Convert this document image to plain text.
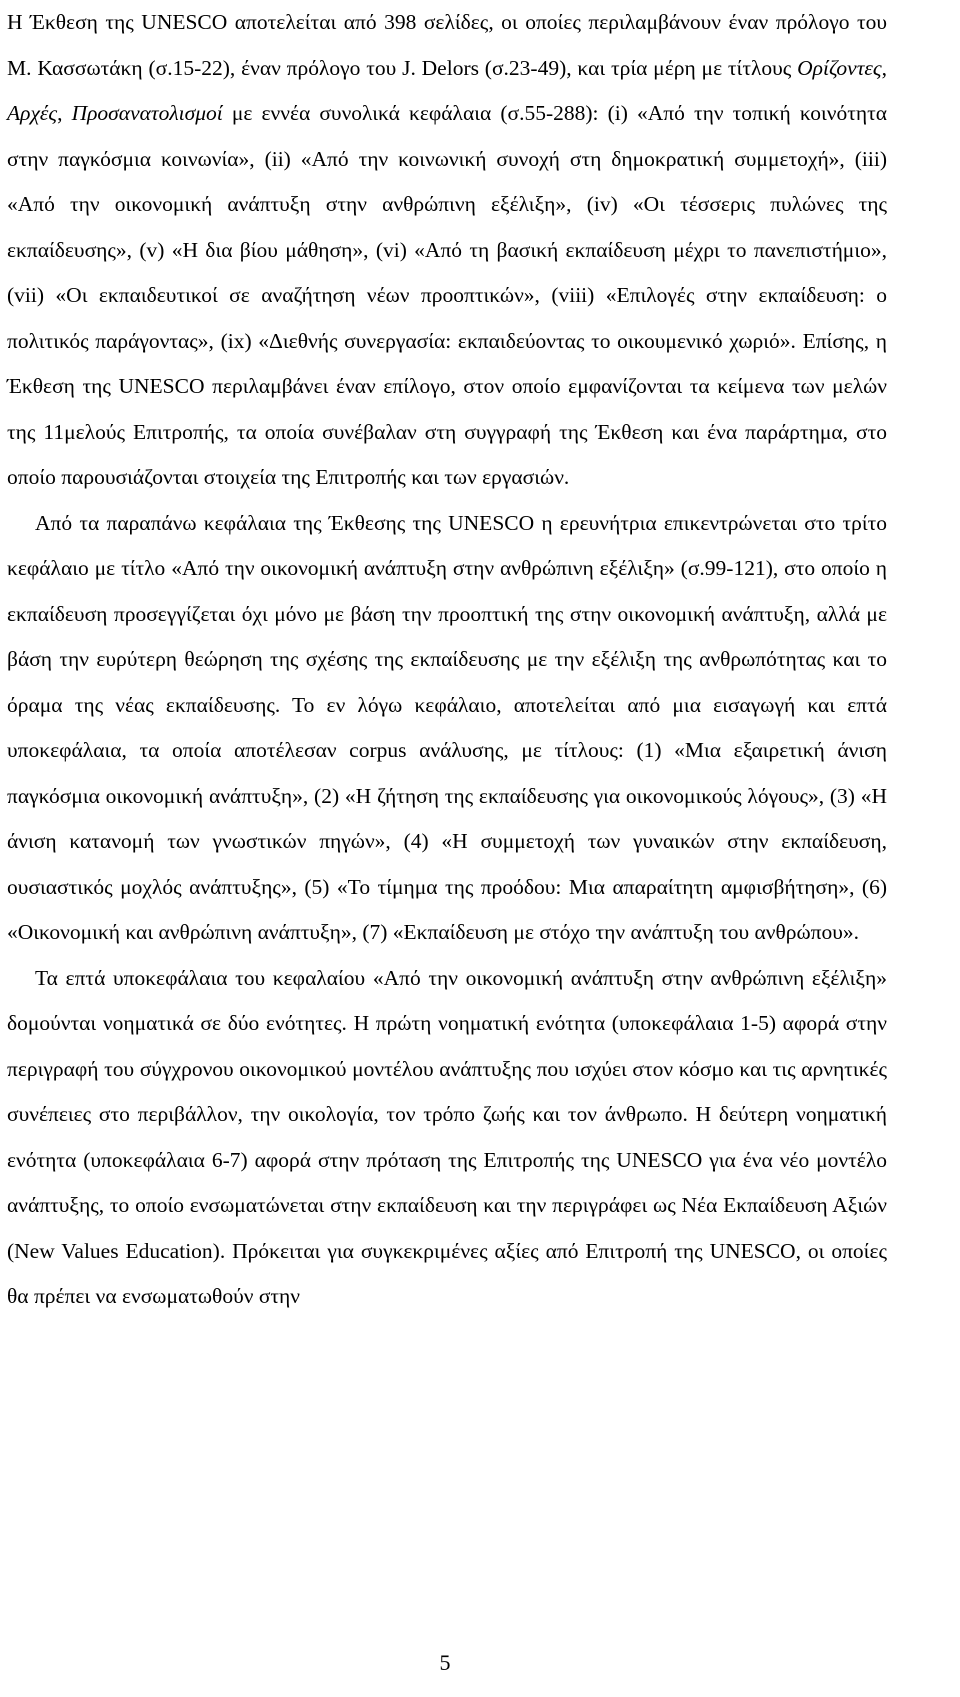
Η Έκθεση της UNESCO αποτελείται από 398 σελίδες, οι οποίες περιλαμβάνουν έναν πρόλογο του Μ. Κασσωτάκη (σ.15-22), έναν πρόλογο του J. Delors (σ.23-49), και τρία μέρη με τίτλους Ορίζοντες, Αρχές, Προσανατολισμοί με εννέα συνολικά κεφάλαια (σ.55-288): (i) «Από την τοπική κοινότητα στην παγκόσμια κοινωνία», (ii) «Από την κοινωνική συνοχή στη δημοκρατική συμμετοχή», (iii) «Από την οικονομική ανάπτυξη στην ανθρώπινη εξέλιξη», (iv) «Οι τέσσερις πυλώνες της εκπαίδευσης», (v) «Η δια βίου μάθηση», (vi) «Από τη βασική εκπαίδευση μέχρι το πανεπιστήμιο», (vii) «Οι εκπαιδευτικοί σε αναζήτηση νέων προοπτικών», (viii) «Επιλογές στην εκπαίδευση: ο πολιτικός παράγοντας», (ix) «Διεθνής συνεργασία: εκπαιδεύοντας το οικουμενικό χωριό». Επίσης, η Έκθεση της UNESCO περιλαμβάνει έναν επίλογο, στον οποίο εμφανίζονται τα κείμενα των μελών της 11μελούς Επιτροπής, τα οποία συνέβαλαν στη συγγραφή της Έκθεση και ένα παράρτημα, στο οποίο παρουσιάζονται στοιχεία της Επιτροπής και των εργασιών.

Από τα παραπάνω κεφάλαια της Έκθεσης της UNESCO η ερευνήτρια επικεντρώνεται στο τρίτο κεφάλαιο με τίτλο «Από την οικονομική ανάπτυξη στην ανθρώπινη εξέλιξη» (σ.99-121), στο οποίο η εκπαίδευση προσεγγίζεται όχι μόνο με βάση την προοπτική της στην οικονομική ανάπτυξη, αλλά με βάση την ευρύτερη θεώρηση της σχέσης της εκπαίδευσης με την εξέλιξη της ανθρωπότητας και το όραμα της νέας εκπαίδευσης. Το εν λόγω κεφάλαιο, αποτελείται από μια εισαγωγή και επτά υποκεφάλαια, τα οποία αποτέλεσαν corpus ανάλυσης, με τίτλους: (1) «Μια εξαιρετική άνιση παγκόσμια οικονομική ανάπτυξη», (2) «Η ζήτηση της εκπαίδευσης για οικονομικούς λόγους», (3) «Η άνιση κατανομή των γνωστικών πηγών», (4) «Η συμμετοχή των γυναικών στην εκπαίδευση, ουσιαστικός μοχλός ανάπτυξης», (5) «Το τίμημα της προόδου: Μια απαραίτητη αμφισβήτηση», (6) «Οικονομική και ανθρώπινη ανάπτυξη», (7) «Εκπαίδευση με στόχο την ανάπτυξη του ανθρώπου».

Τα επτά υποκεφάλαια του κεφαλαίου «Από την οικονομική ανάπτυξη στην ανθρώπινη εξέλιξη» δομούνται νοηματικά σε δύο ενότητες. Η πρώτη νοηματική ενότητα (υποκεφάλαια 1-5) αφορά στην περιγραφή του σύγχρονου οικονομικού μοντέλου ανάπτυξης που ισχύει στον κόσμο και τις αρνητικές συνέπειες στο περιβάλλον, την οικολογία, τον τρόπο ζωής και τον άνθρωπο. Η δεύτερη νοηματική ενότητα (υποκεφάλαια 6-7) αφορά στην πρόταση της Επιτροπής της UNESCO για ένα νέο μοντέλο ανάπτυξης, το οποίο ενσωματώνεται στην εκπαίδευση και την περιγράφει ως Νέα Εκπαίδευση Αξιών (New Values Education). Πρόκειται για συγκεκριμένες αξίες από Επιτροπή της UNESCO, οι οποίες θα πρέπει να ενσωματωθούν στην

5
